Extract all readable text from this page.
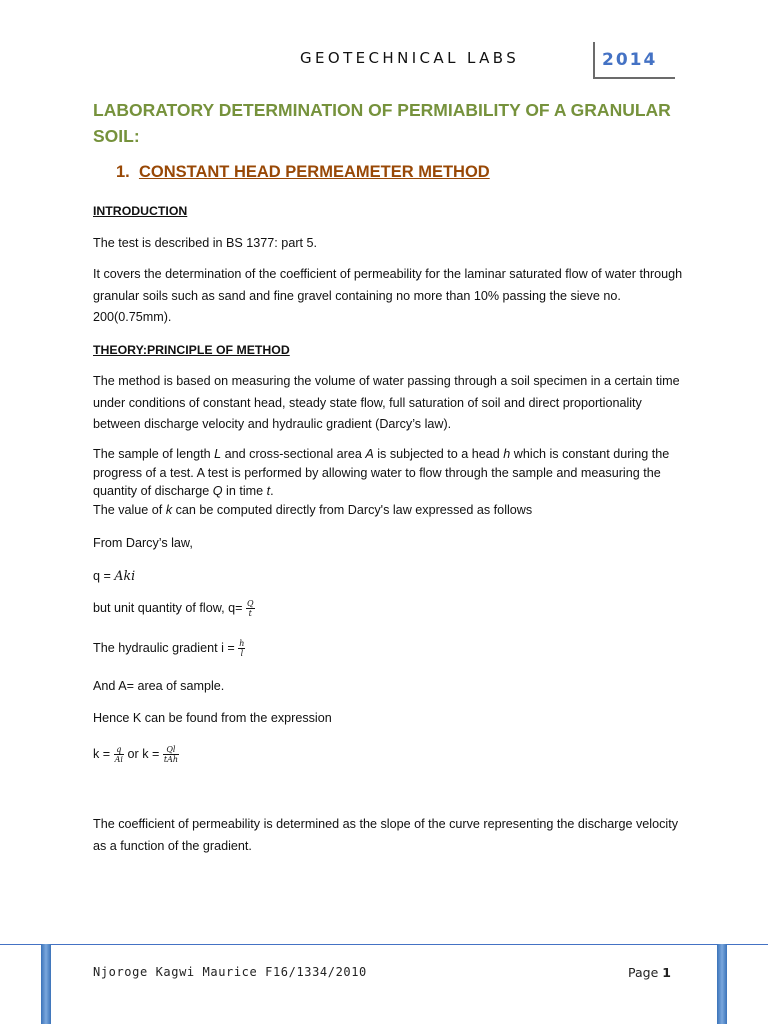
GEOTECHNICAL LABS	2014
LABORATORY DETERMINATION OF PERMIABILITY OF A GRANULAR SOIL:
1. CONSTANT HEAD PERMEAMETER METHOD
INTRODUCTION
The test is described in BS 1377: part 5.
It covers the determination of the coefficient of permeability for the laminar saturated flow of water through granular soils such as sand and fine gravel containing no more than 10% passing the sieve no. 200(0.75mm).
THEORY:PRINCIPLE OF METHOD
The method is based on measuring the volume of water passing through a soil specimen in a certain time under conditions of constant head, steady state flow, full saturation of soil and direct proportionality between discharge velocity and hydraulic gradient (Darcy’s law).
The sample of length L and cross-sectional area A is subjected to a head h which is constant during the progress of a test. A test is performed by allowing water to flow through the sample and measuring the quantity of discharge Q in time t.
The value of k can be computed directly from Darcy's law expressed as follows
From Darcy’s law,
q = Aki
but unit quantity of flow, $q= \frac{Q}{t}$
The hydraulic gradient $i = \frac{h}{l}$
And A= area of sample.
Hence K can be found from the expression
$k = \frac{q}{Ai}$ or $k = \frac{Ql}{\text{tAh}}$
The coefficient of permeability is determined as the slope of the curve representing the discharge velocity as a function of the gradient.
Njoroge Kagwi Maurice F16/1334/2010	Page 1
